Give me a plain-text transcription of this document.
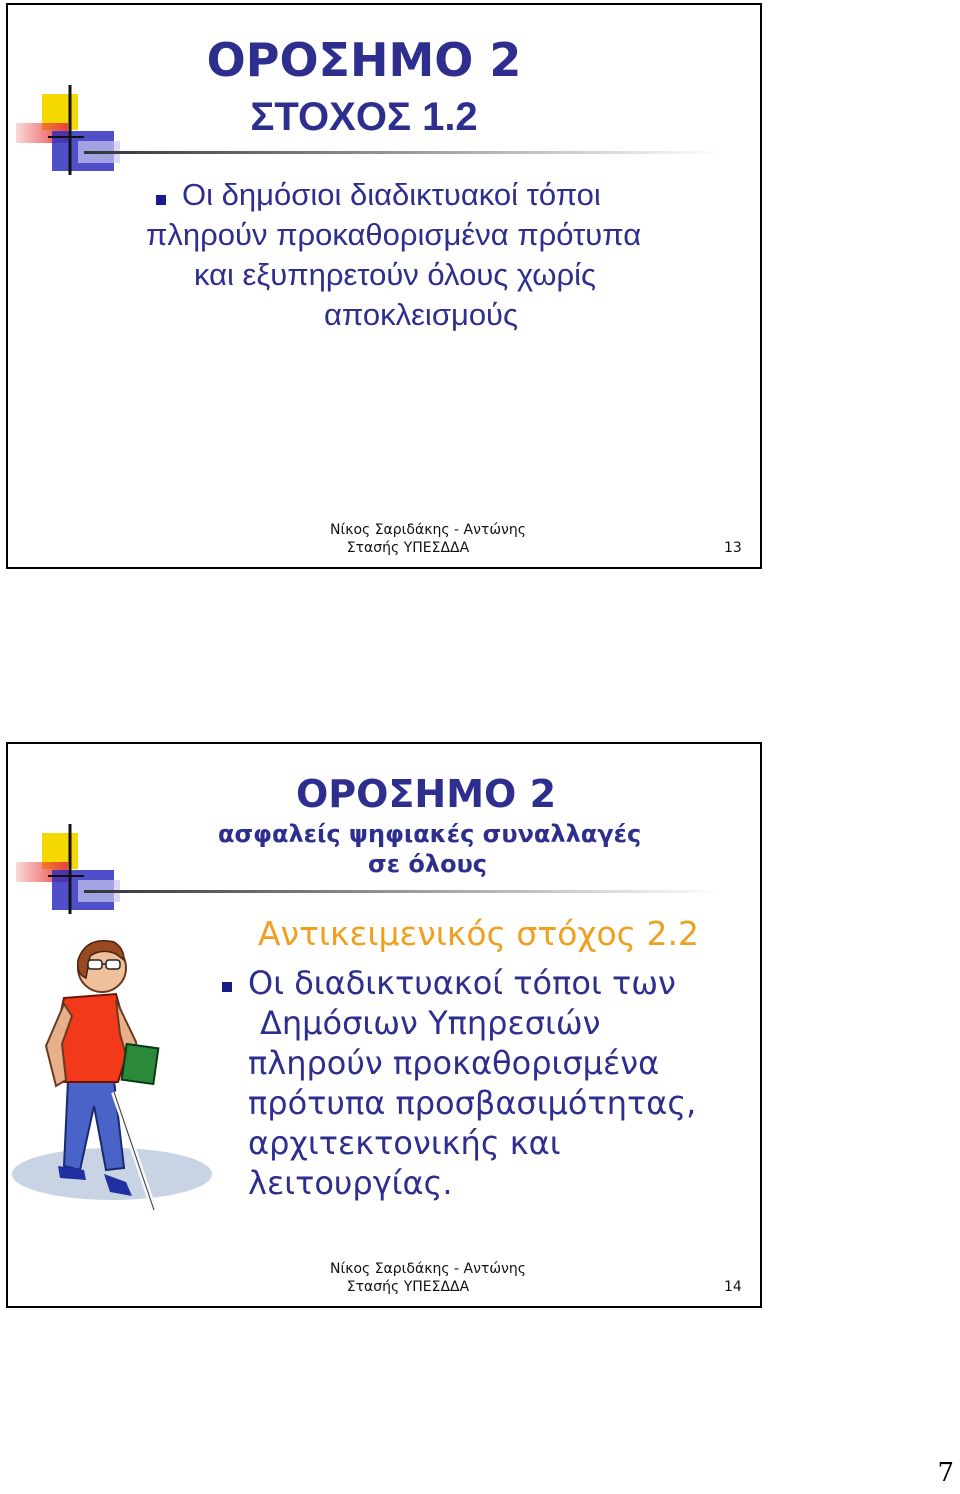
ΟΡΟΣΗΜΟ 2
ΣΤΟΧΟΣ 1.2
Οι δημόσιοι διαδικτυακοί τόποι
πληρούν προκαθορισμένα πρότυπα
και εξυπηρετούν όλους χωρίς
αποκλεισμούς
Νίκος Σαριδάκης - Αντώνης
Στασής ΥΠΕΣΔΔΑ	13
ΟΡΟΣΗΜΟ 2
ασφαλείς ψηφιακές συναλλαγές
σε όλους
Αντικειμενικός στόχος 2.2
Οι διαδικτυακοί τόποι των
Δημόσιων Υπηρεσιών
πληρούν προκαθορισμένα
πρότυπα προσβασιμότητας,
αρχιτεκτονικής και
λειτουργίας.
Νίκος Σαριδάκης - Αντώνης
Στασής ΥΠΕΣΔΔΑ	14
7
